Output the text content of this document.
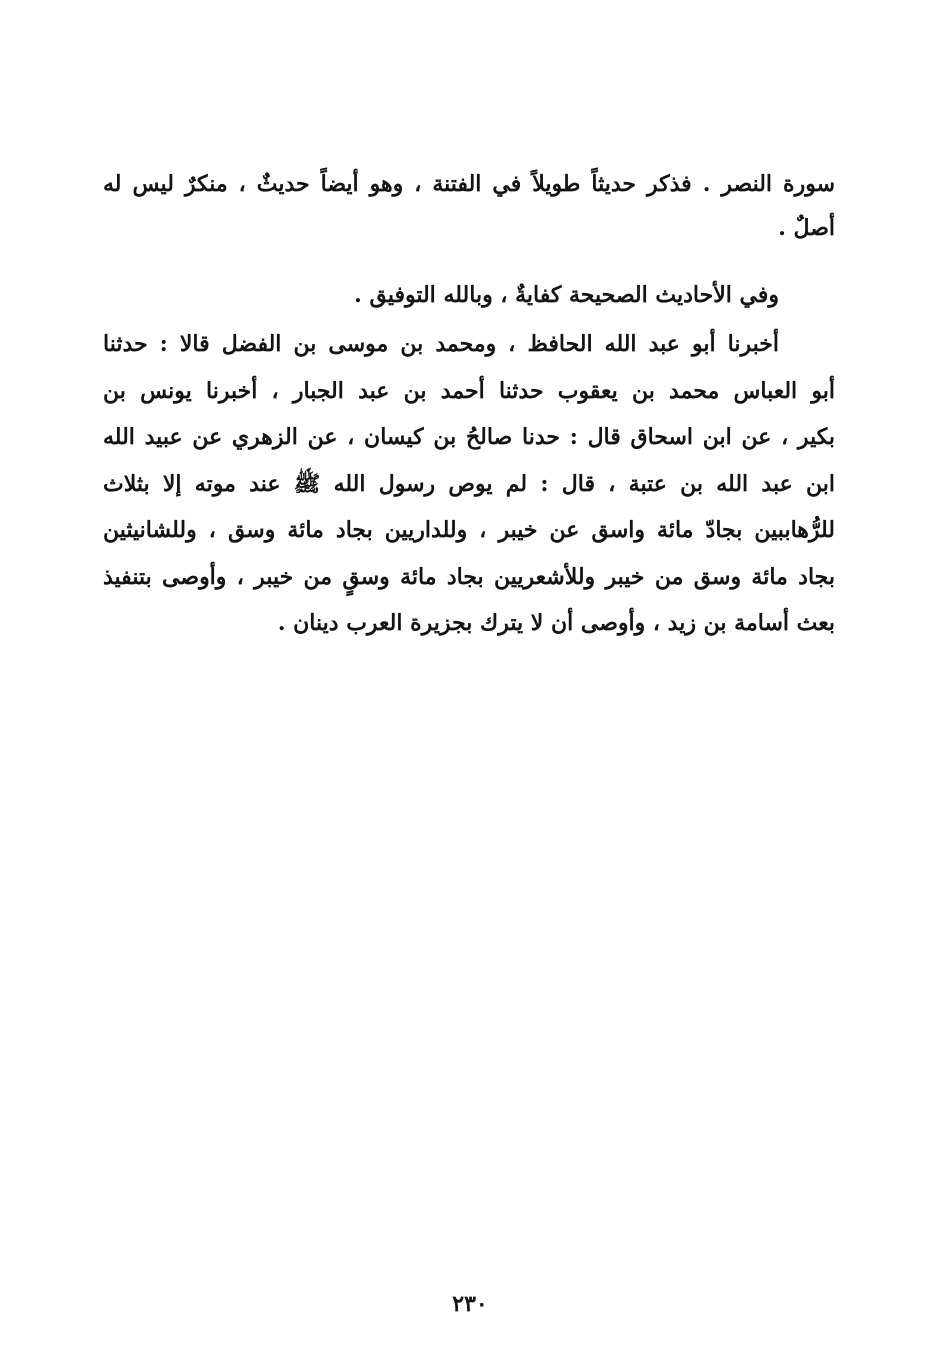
سورة النصر . فذكر حديثاً طويلاً في الفتنة ، وهو أيضاً حديثٌ ، منكرٌ ليس له
أصلٌ .
وفي الأحاديث الصحيحة كفايةٌ ، وبالله التوفيق .
أخبرنا أبو عبد الله الحافظ ، ومحمد بن موسى بن الفضل قالا : حدثنا
أبو العباس محمد بن يعقوب حدثنا أحمد بن عبد الجبار ، أخبرنا يونس بن
بكير ، عن ابن اسحاق قال : حدنا صالحُ بن كيسان ، عن الزهري عن عبيد الله
ابن عبد الله بن عتبة ، قال : لم يوص رسول الله ﷺ عند موته إلا بثلاث
للرُّهاببين بجادّ مائة واسق عن خيبر ، وللداريين بجاد مائة وسق ، وللشانيثين
بجاد مائة وسق من خيبر وللأشعريين بجاد مائة وسقٍ من خيبر ، وأوصى بتنفيذ
بعث أسامة بن زيد ، وأوصى أن لا يترك بجزيرة العرب دينان .
٢٣٠
